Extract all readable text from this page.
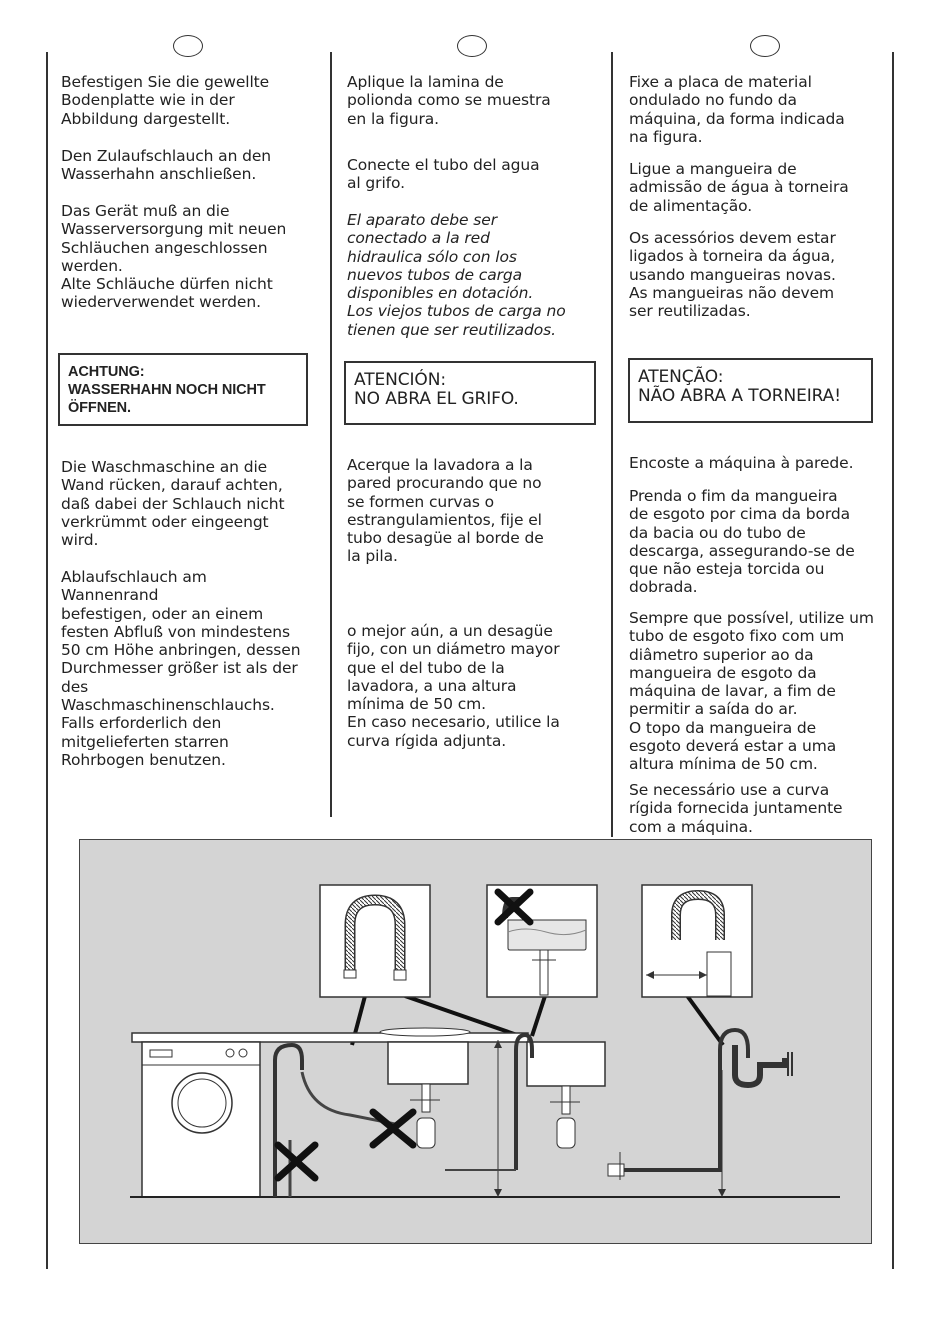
Befestigen Sie die gewellte
Bodenplatte wie in der
Abbildung dargestellt.
Den Zulaufschlauch an den
Wasserhahn anschließen.
Das Gerät muß an die
Wasserversorgung mit neuen
Schläuchen angeschlossen
werden.
Alte Schläuche dürfen nicht
wiederverwendet werden.
ACHTUNG:
WASSERHAHN NOCH NICHT
ÖFFNEN.
Die Waschmaschine an die
Wand rücken, darauf achten,
daß dabei der Schlauch nicht
verkrümmt oder eingeengt
wird.
Ablaufschlauch am
Wannenrand
befestigen, oder an einem
festen Abfluß von mindestens
50 cm Höhe anbringen, dessen
Durchmesser größer ist als der
des
Waschmaschinenschlauchs.
Falls erforderlich den
mitgelieferten starren
Rohrbogen benutzen.
Aplique la lamina de
polionda como se muestra
en la figura.
Conecte el tubo del agua
al grifo.
El aparato debe ser
conectado a la red
hidraulica sólo con los
nuevos tubos de carga
disponibles en dotación.
Los viejos tubos de carga no
tienen que ser reutilizados.
ATENCIÓN:
NO ABRA EL GRIFO.
Acerque la lavadora a la
pared procurando que no
se formen curvas o
estrangulamientos, fije el
tubo desagüe al borde de
la pila.
o mejor aún, a un desagüe
fijo, con un diámetro mayor
que el del tubo de la
lavadora, a una altura
mínima de 50 cm.
En caso necesario, utilice la
curva rígida adjunta.
Fixe a placa de material
ondulado no fundo da
máquina, da forma indicada
na figura.
Ligue a mangueira de
admissão de água à torneira
de alimentação.
Os acessórios devem estar
ligados à torneira da água,
usando mangueiras novas.
As mangueiras não devem
ser reutilizadas.
ATENÇÃO:
NÃO ABRA A TORNEIRA!
Encoste a máquina à parede.
Prenda o fim da mangueira
de esgoto por cima da borda
da bacia ou do tubo de
descarga, assegurando-se de
que não esteja torcida ou
dobrada.
Sempre que possível, utilize um
tubo de esgoto fixo com um
diâmetro superior ao da
mangueira de esgoto da
máquina de lavar, a fim de
permitir a saída do ar.
O topo da mangueira de
esgoto deverá estar a uma
altura mínima de 50 cm.
Se necessário use a curva
rígida fornecida juntamente
com a máquina.
